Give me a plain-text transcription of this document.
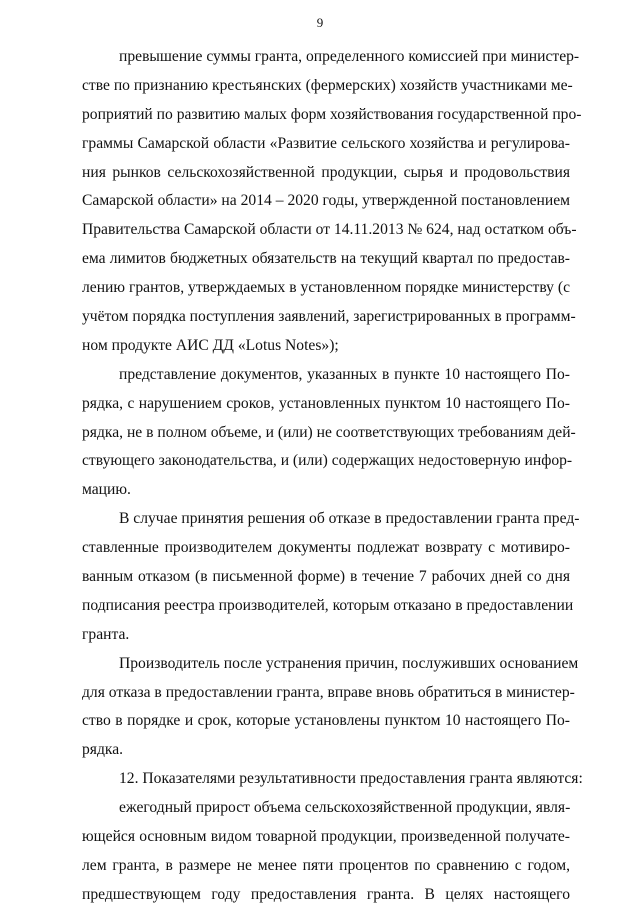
9
превышение суммы гранта, определенного комиссией при министер-
стве по признанию крестьянских (фермерских) хозяйств участниками ме-
роприятий по развитию малых форм хозяйствования государственной про-
граммы Самарской области «Развитие сельского хозяйства и регулирова-
ния рынков сельскохозяйственной продукции, сырья и продовольствия
Самарской области» на 2014 – 2020 годы, утвержденной постановлением
Правительства Самарской области от 14.11.2013 № 624, над остатком объ-
ема лимитов бюджетных обязательств на текущий квартал по предостав-
лению грантов, утверждаемых в установленном порядке министерству (с
учётом порядка поступления заявлений, зарегистрированных в программ-
ном продукте АИС ДД «Lotus Notes»);
представление документов, указанных в пункте 10 настоящего По-
рядка, с нарушением сроков, установленных пунктом 10 настоящего По-
рядка, не в полном объеме, и (или) не соответствующих требованиям дей-
ствующего законодательства, и (или) содержащих недостоверную инфор-
мацию.
В случае принятия решения об отказе в предоставлении гранта пред-
ставленные производителем документы подлежат возврату с мотивиро-
ванным отказом (в письменной форме) в течение 7 рабочих дней со дня
подписания реестра производителей, которым отказано в предоставлении
гранта.
Производитель после устранения причин, послуживших основанием
для отказа в предоставлении гранта, вправе вновь обратиться в министер-
ство в порядке и срок, которые установлены пунктом 10 настоящего По-
рядка.
12. Показателями результативности предоставления гранта являются:
ежегодный прирост объема сельскохозяйственной продукции, явля-
ющейся основным видом товарной продукции, произведенной получате-
лем гранта, в размере не менее пяти процентов по сравнению с годом,
предшествующем году предоставления гранта. В целях настоящего
